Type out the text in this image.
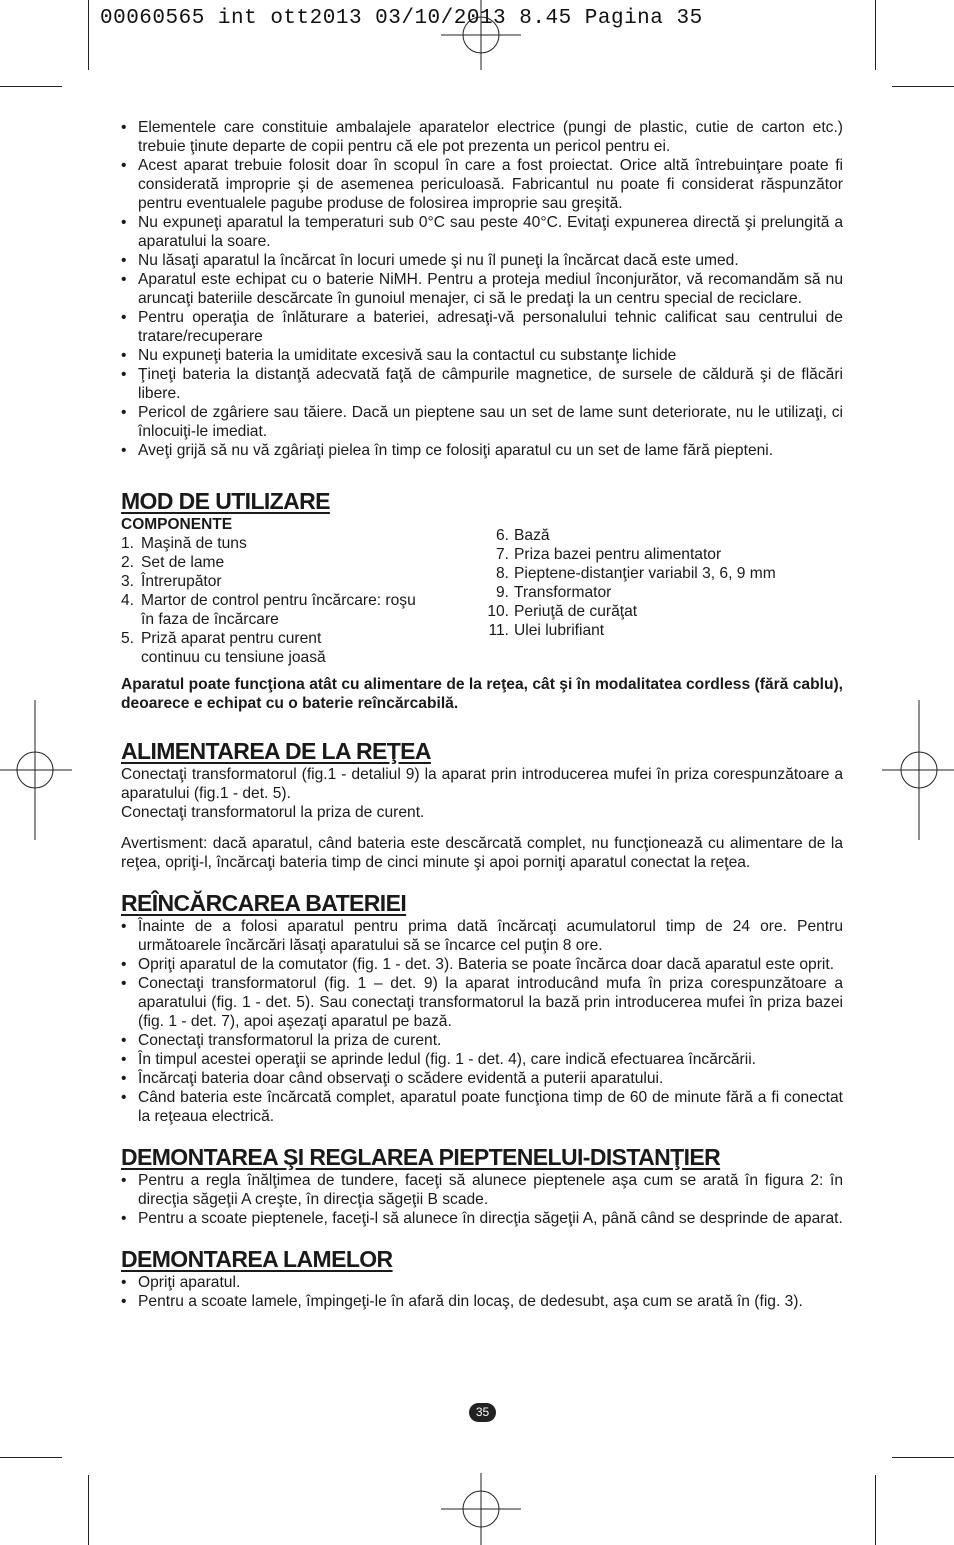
00060565 int ott2013 03/10/2013 8.45 Pagina 35
• Elementele care constituie ambalajele aparatelor electrice (pungi de plastic, cutie de carton etc.) trebuie ţinute departe de copii pentru că ele pot prezenta un pericol pentru ei.
• Acest aparat trebuie folosit doar în scopul în care a fost proiectat. Orice altă întrebuinţare poate fi considerată improprie şi de asemenea periculoasă. Fabricantul nu poate fi considerat răspunzător pentru eventualele pagube produse de folosirea improprie sau greşită.
• Nu expuneţi aparatul la temperaturi sub 0°C sau peste 40°C. Evitaţi expunerea directă şi prelungită a aparatului la soare.
• Nu lăsaţi aparatul la încărcat în locuri umede şi nu îl puneţi la încărcat dacă este umed.
• Aparatul este echipat cu o baterie NiMH. Pentru a proteja mediul înconjurător, vă recomandăm să nu aruncaţi bateriile descărcate în gunoiul menajer, ci să le predaţi la un centru special de reciclare.
• Pentru operaţia de înlăturare a bateriei, adresaţi-vă personalului tehnic calificat sau centrului de tratare/recuperare
• Nu expuneţi bateria la umiditate excesivă sau la contactul cu substanţe lichide
• Ţineţi bateria la distanţă adecvată faţă de câmpurile magnetice, de sursele de căldură şi de flăcări libere.
• Pericol de zgâriere sau tăiere. Dacă un pieptene sau un set de lame sunt deteriorate, nu le utilizaţi, ci înlocuiţi-le imediat.
• Aveţi grijă să nu vă zgâriaţi pielea în timp ce folosiţi aparatul cu un set de lame fără piepteni.
MOD DE UTILIZARE
COMPONENTE
1. Maşină de tuns
2. Set de lame
3. Întrerupător
4. Martor de control pentru încărcare: roşu în faza de încărcare
5. Priză aparat pentru curent continuu cu tensiune joasă
6. Bază
7. Priza bazei pentru alimentator
8. Pieptene-distanţier variabil 3, 6, 9 mm
9. Transformator
10. Periuţă de curăţat
11. Ulei lubrifiant

Aparatul poate funcţiona atât cu alimentare de la reţea, cât şi în modalitatea cordless (fără cablu), deoarece e echipat cu o baterie reîncărcabilă.

ALIMENTAREA DE LA REŢEA

Conectaţi transformatorul (fig.1 - detaliul 9) la aparat prin introducerea mufei în priza corespunzătoare a aparatului (fig.1 - det. 5).

Conectaţi transformatorul la priza de curent.

Avertisment: dacă aparatul, când bateria este descărcată complet, nu funcţionează cu alimentare de la reţea, opriţi-l, încărcaţi bateria timp de cinci minute şi apoi porniţi aparatul conectat la reţea.

REÎNCĂRCAREA BATERIEI
• Înainte de a folosi aparatul pentru prima dată încărcaţi acumulatorul timp de 24 ore. Pentru următoarele încărcări lăsaţi aparatului să se încarce cel puţin 8 ore.
• Opriţi aparatul de la comutator (fig. 1 - det. 3). Bateria se poate încărca doar dacă aparatul este oprit.
• Conectaţi transformatorul (fig. 1 – det. 9) la aparat introducând mufa în priza corespunzătoare a aparatului (fig. 1 - det. 5). Sau conectaţi transformatorul la bază prin introducerea mufei în priza bazei (fig. 1 - det. 7), apoi aşezaţi aparatul pe bază.
• Conectaţi transformatorul la priza de curent.
• În timpul acestei operaţii se aprinde ledul (fig. 1 - det. 4), care indică efectuarea încărcării.
• Încărcaţi bateria doar când observaţi o scădere evidentă a puterii aparatului.
• Când bateria este încărcată complet, aparatul poate funcţiona timp de 60 de minute fără a fi conectat la reţeaua electrică.
DEMONTAREA ŞI REGLAREA PIEPTENELUI-DISTANŢIER
• Pentru a regla înălţimea de tundere, faceţi să alunece pieptenele aşa cum se arată în figura 2: în direcţia săgeţii A creşte, în direcţia săgeţii B scade.
• Pentru a scoate pieptenele, faceţi-l să alunece în direcţia săgeţii A, până când se desprinde de aparat.
DEMONTAREA LAMELOR
• Opriţi aparatul.
• Pentru a scoate lamele, împingeţi-le în afară din locaş, de dedesubt, aşa cum se arată în (fig. 3).
35
